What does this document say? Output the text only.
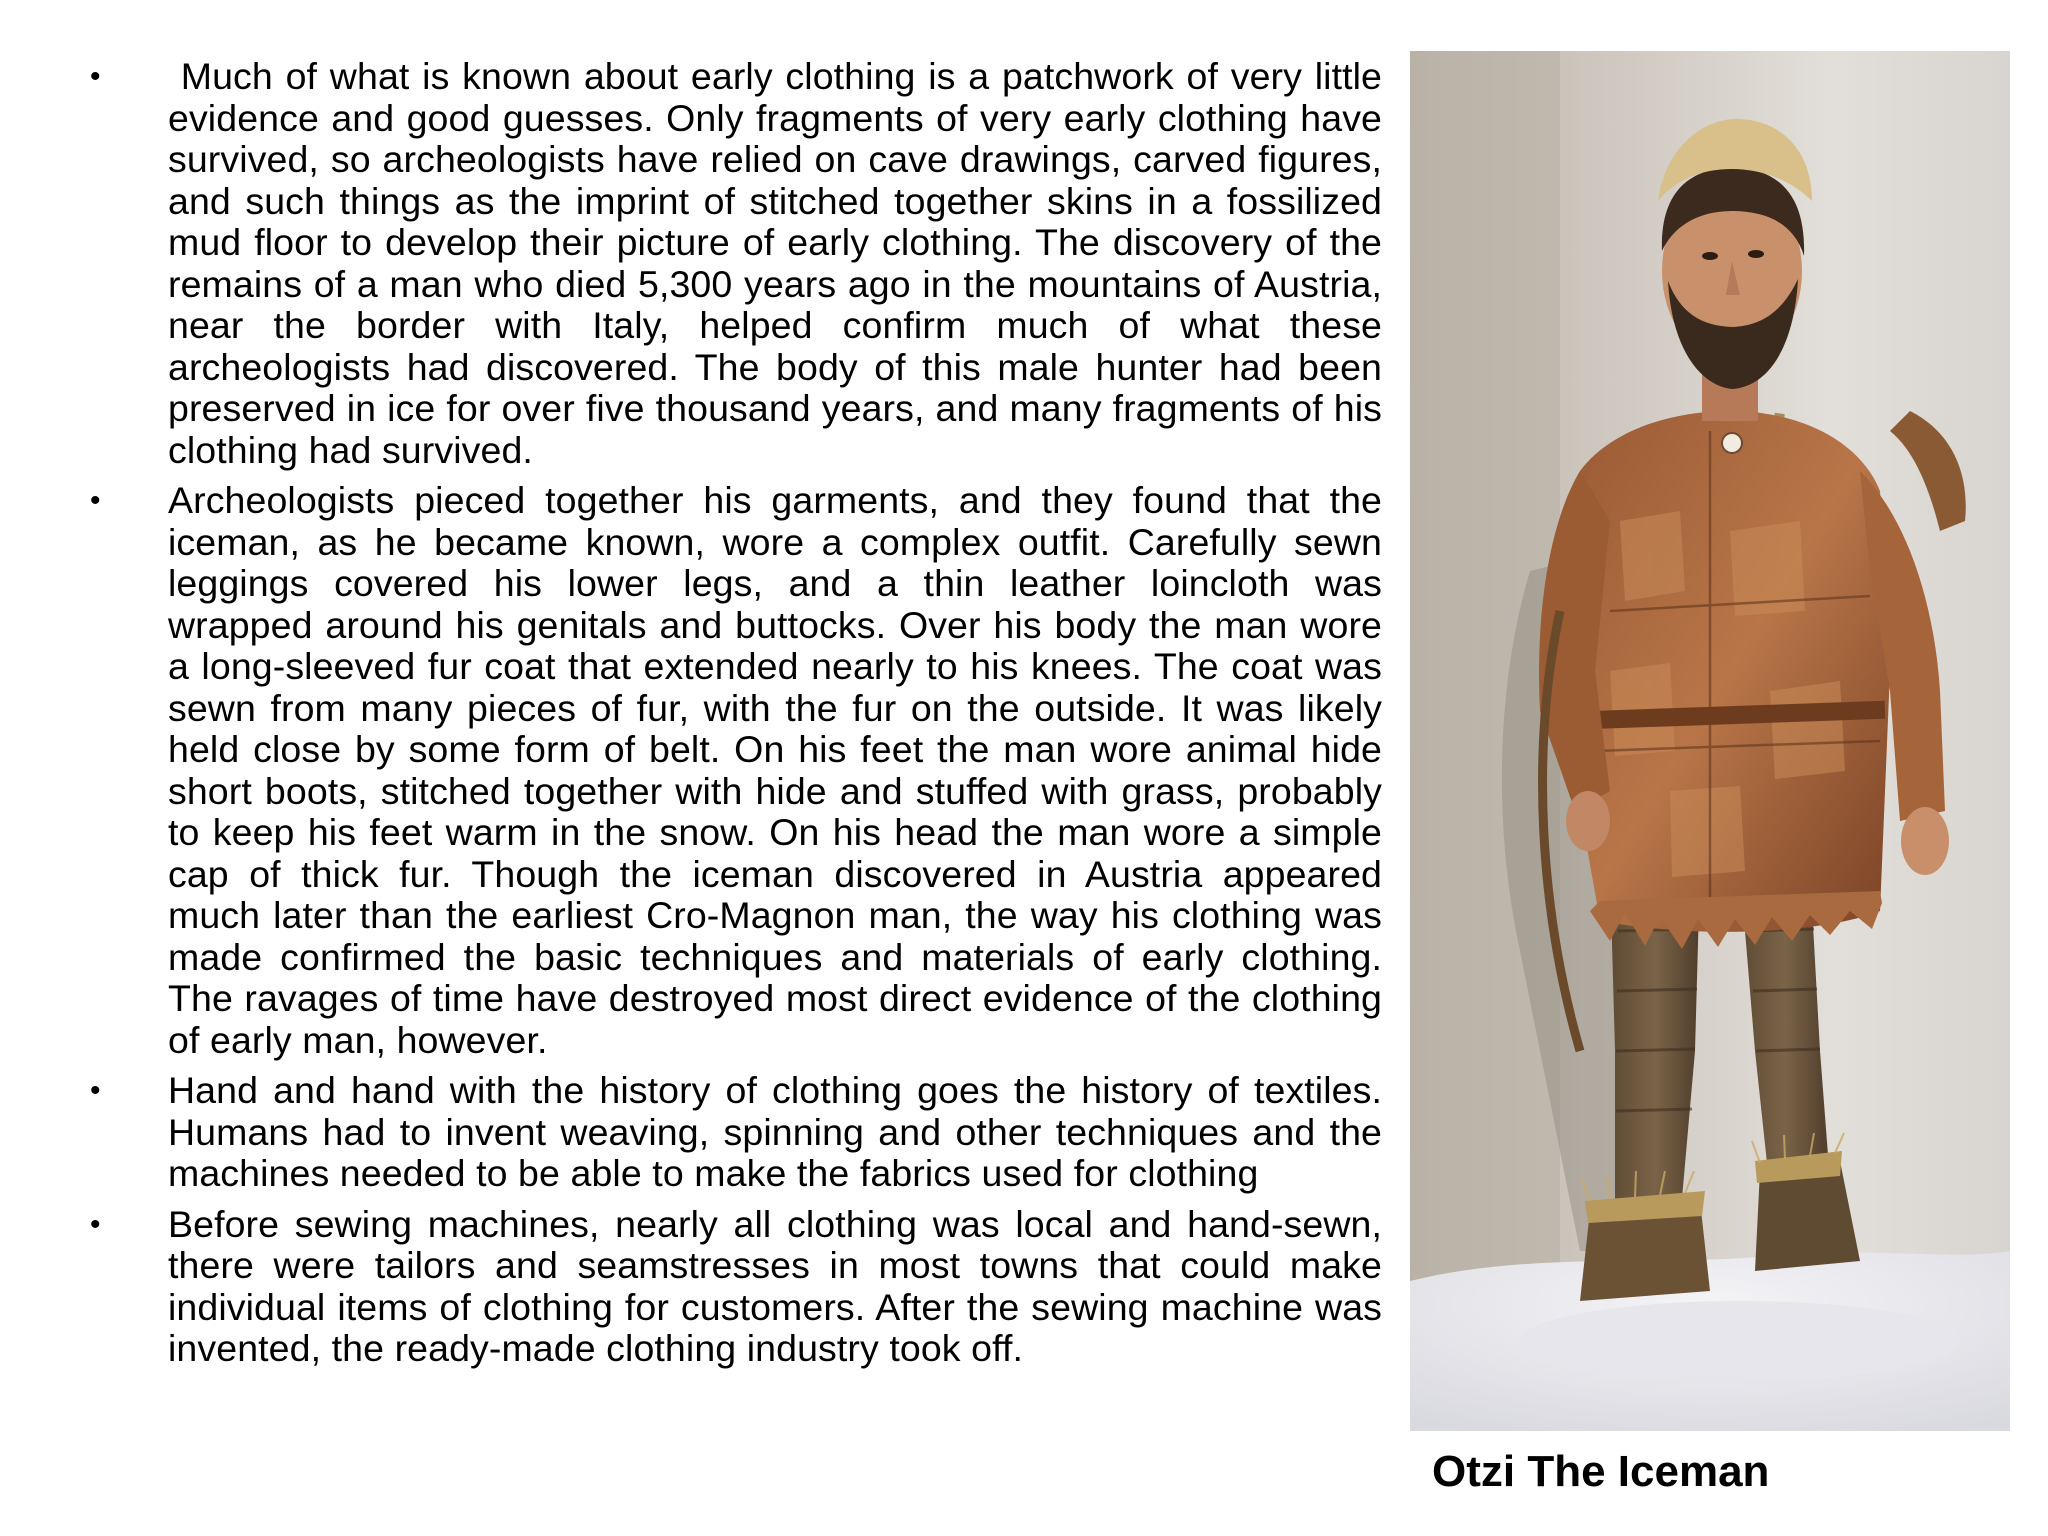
•	Much of what is known about early clothing is a patchwork of very little evidence and good guesses. Only fragments of very early clothing have survived, so archeologists have relied on cave drawings, carved figures, and such things as the imprint of stitched together skins in a fossilized mud floor to develop their picture of early clothing. The discovery of the remains of a man who died 5,300 years ago in the mountains of Austria, near the border with Italy, helped confirm much of what these archeologists had discovered. The body of this male hunter had been preserved in ice for over five thousand years, and many fragments of his clothing had survived.
•	Archeologists pieced together his garments, and they found that the iceman, as he became known, wore a complex outfit. Carefully sewn leggings covered his lower legs, and a thin leather loincloth was wrapped around his genitals and buttocks. Over his body the man wore a long-sleeved fur coat that extended nearly to his knees. The coat was sewn from many pieces of fur, with the fur on the outside. It was likely held close by some form of belt. On his feet the man wore animal hide short boots, stitched together with hide and stuffed with grass, probably to keep his feet warm in the snow. On his head the man wore a simple cap of thick fur. Though the iceman discovered in Austria appeared much later than the earliest Cro-Magnon man, the way his clothing was made confirmed the basic techniques and materials of early clothing. The ravages of time have destroyed most direct evidence of the clothing of early man, however.
•	Hand and hand with the history of clothing goes the history of textiles. Humans had to invent weaving, spinning and other techniques and the machines needed to be able to make the fabrics used for clothing
•	Before sewing machines, nearly all clothing was local and hand-sewn, there were tailors and seamstresses in most towns that could make individual items of clothing for customers. After the sewing machine was invented, the ready-made clothing industry took off.
Otzi The Iceman
